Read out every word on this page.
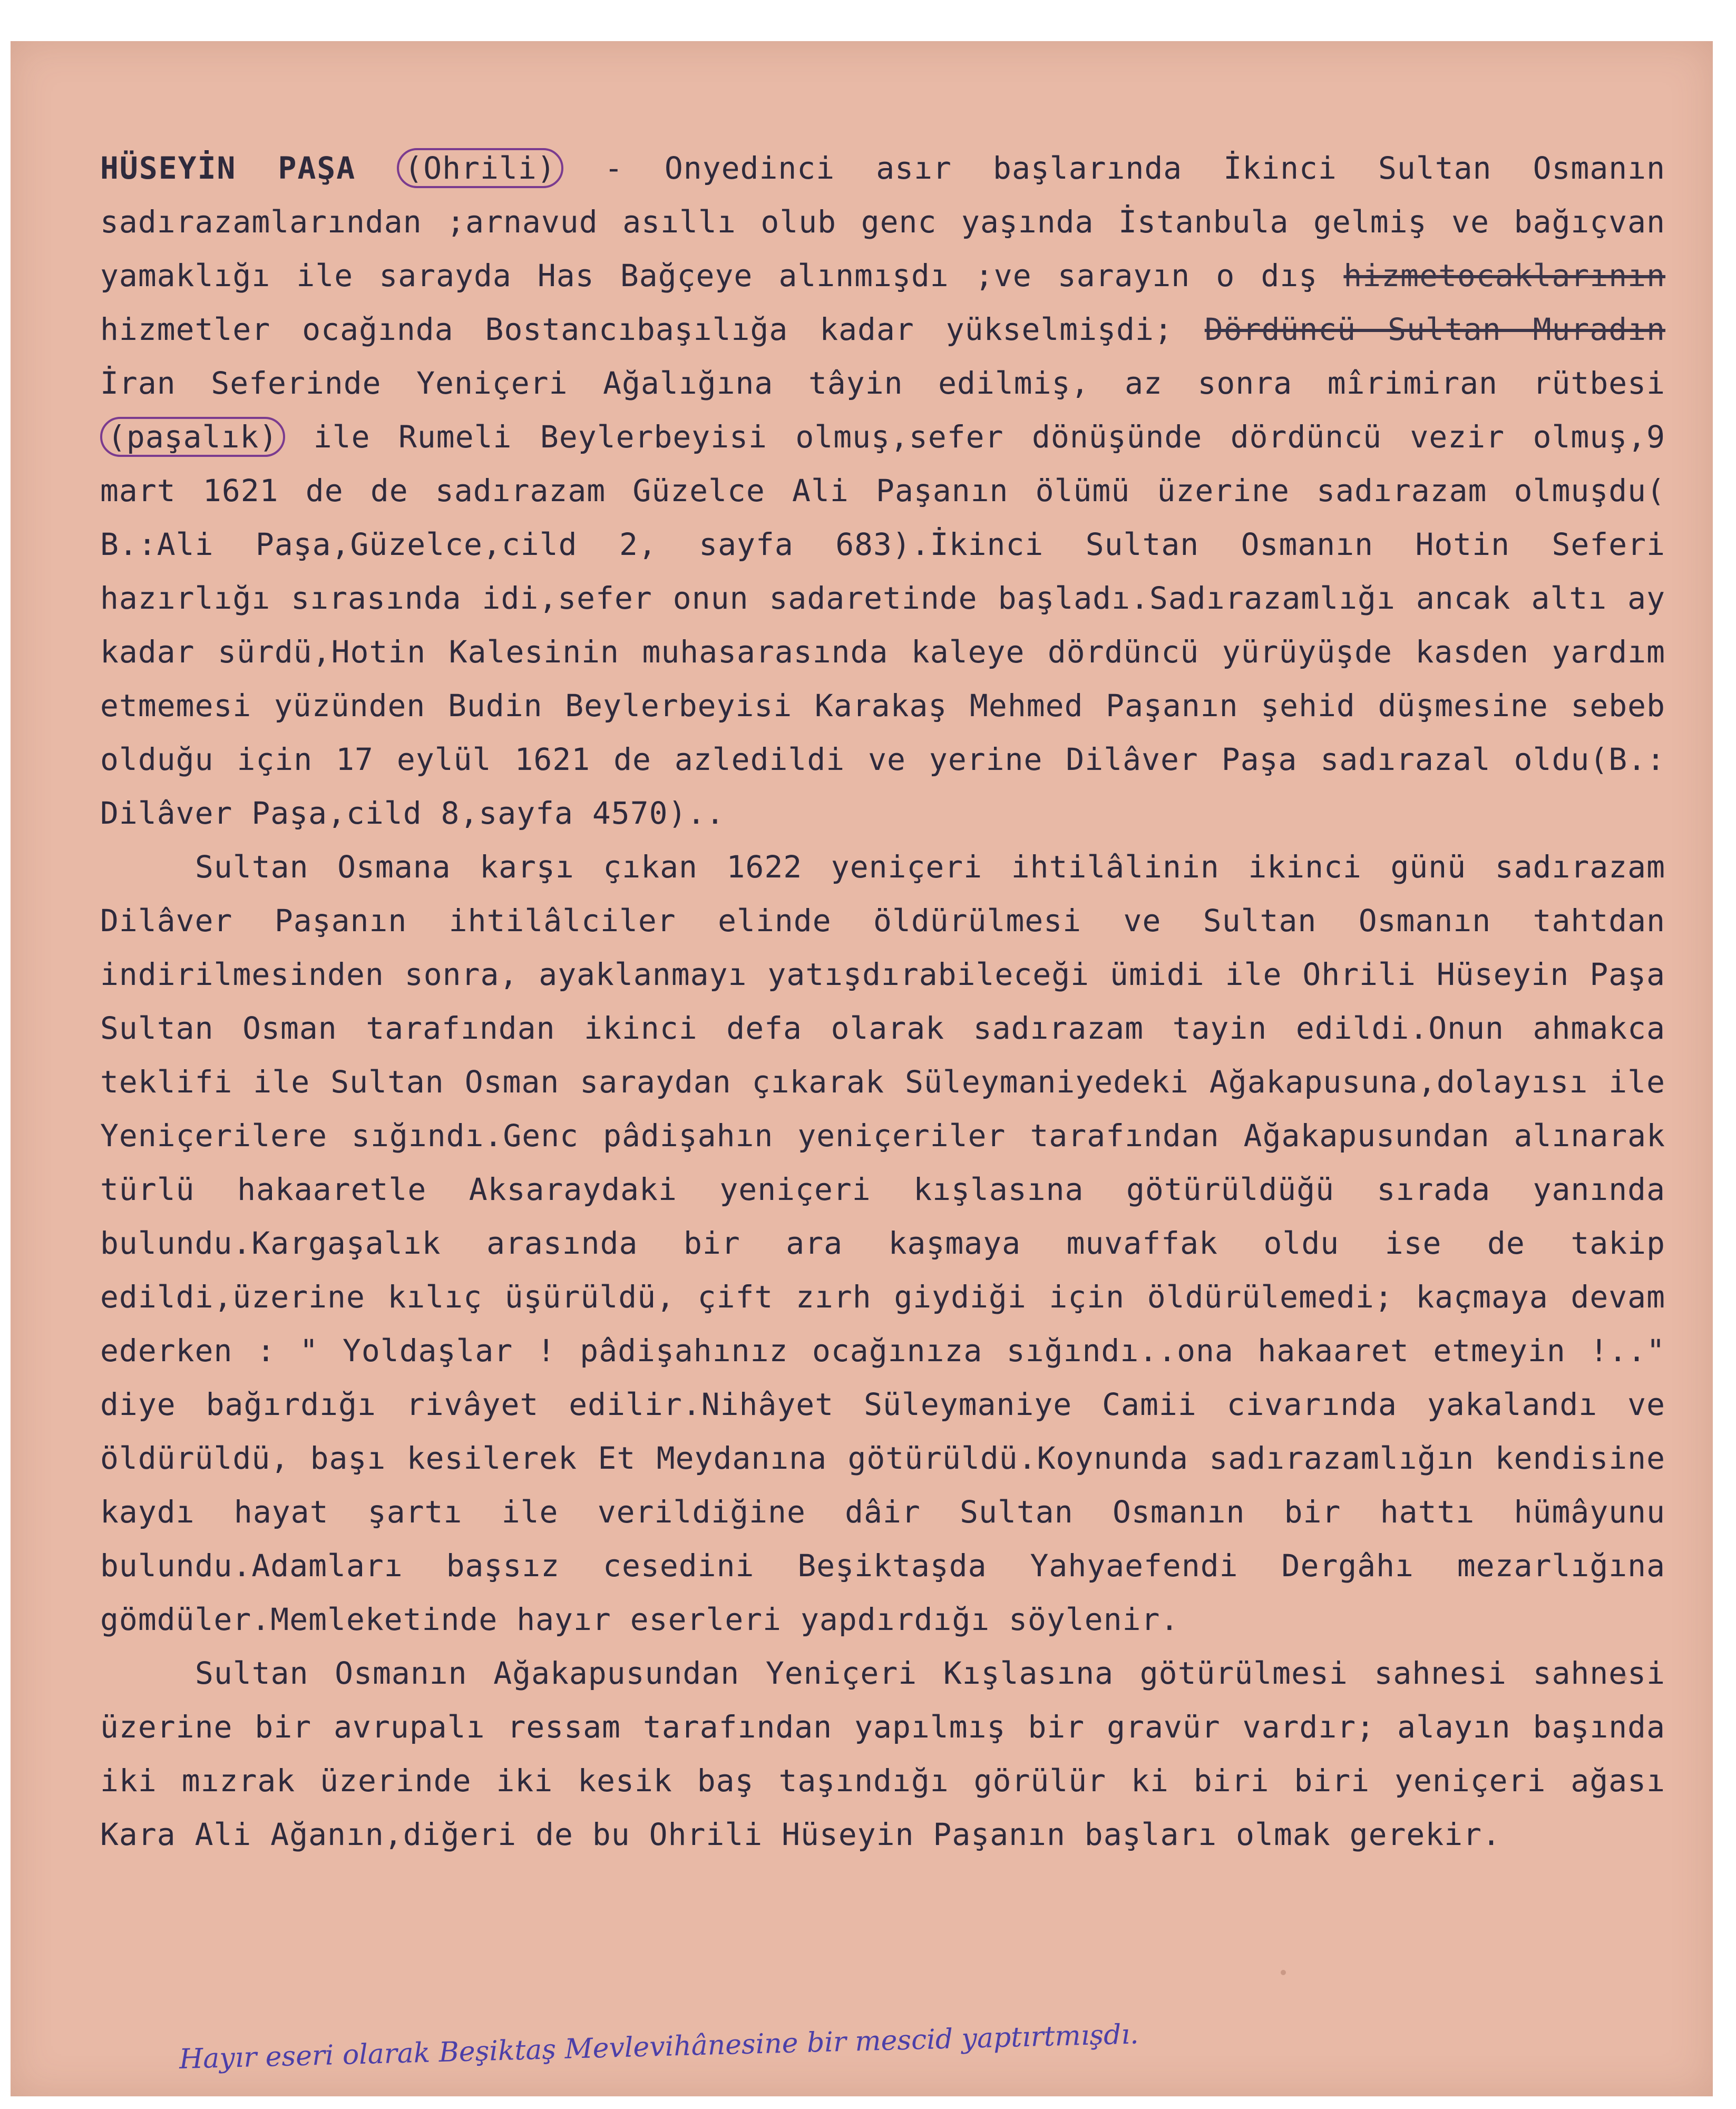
HÜSEYİN PAŞA (Ohrili) - Onyedinci asır başlarında İkinci Sultan Osmanın sadırazamlarından ;arnavud asıllı olub genc yaşında İstanbula gelmiş ve bağıçvan yamaklığı ile sarayda Has Bağçeye alınmışdı ;ve sarayın o dış hizmetocaklarının hizmetler ocağında Bostancıbaşılığa kadar yükselmişdi; Dördüncü Sultan Muradın İran Seferinde Yeniçeri Ağalığına tâyin edilmiş, az sonra mîrimiran rütbesi (paşalık) ile Rumeli Beylerbeyisi olmuş,sefer dönüşünde dördüncü vezir olmuş,9 mart 1621 de de sadırazam Güzelce Ali Paşanın ölümü üzerine sadırazam olmuşdu( B.:Ali Paşa,Güzelce,cild 2, sayfa 683).İkinci Sultan Osmanın Hotin Seferi hazırlığı sırasında idi,sefer onun sadaretinde başladı.Sadırazamlığı ancak altı ay kadar sürdü,Hotin Kalesinin muhasarasında kaleye dördüncü yürüyüşde kasden yardım etmemesi yüzünden Budin Beylerbeyisi Karakaş Mehmed Paşanın şehid düşmesine sebeb olduğu için 17 eylül 1621 de azledildi ve yerine Dilâver Paşa sadırazal oldu(B.: Dilâver Paşa,cild 8,sayfa 4570)..

Sultan Osmana karşı çıkan 1622 yeniçeri ihtilâlinin ikinci günü sadırazam Dilâver Paşanın ihtilâlciler elinde öldürülmesi ve Sultan Osmanın tahtdan indirilmesinden sonra, ayaklanmayı yatışdırabileceği ümidi ile Ohrili Hüseyin Paşa Sultan Osman tarafından ikinci defa olarak sadırazam tayin edildi.Onun ahmakca teklifi ile Sultan Osman saraydan çıkarak Süleymaniyedeki Ağakapusuna,dolayısı ile Yeniçerilere sığındı.Genc pâdişahın yeniçeriler tarafından Ağakapusundan alınarak türlü hakaaretle Aksaraydaki yeniçeri kışlasına götürüldüğü sırada yanında bulundu.Kargaşalık arasında bir ara kaşmaya muvaffak oldu ise de takip edildi,üzerine kılıç üşürüldü, çift zırh giydiği için öldürülemedi; kaçmaya devam ederken : " Yoldaşlar ! pâdişahınız ocağınıza sığındı..ona hakaaret etmeyin !.." diye bağırdığı rivâyet edilir.Nihâyet Süleymaniye Camii civarında yakalandı ve öldürüldü, başı kesilerek Et Meydanına götürüldü.Koynunda sadırazamlığın kendisine kaydı hayat şartı ile verildiğine dâir Sultan Osmanın bir hattı hümâyunu bulundu.Adamları başsız cesedini Beşiktaşda Yahyaefendi Dergâhı mezarlığına gömdüler.Memleketinde hayır eserleri yapdırdığı söylenir.

Sultan Osmanın Ağakapusundan Yeniçeri Kışlasına götürülmesi sahnesi sahnesi üzerine bir avrupalı ressam tarafından yapılmış bir gravür vardır; alayın başında iki mızrak üzerinde iki kesik baş taşındığı görülür ki biri biri yeniçeri ağası Kara Ali Ağanın,diğeri de bu Ohrili Hüseyin Paşanın başları olmak gerekir.

Hayır eseri olarak Beşiktaş Mevlevihânesine bir mescid yaptırtmışdı.
